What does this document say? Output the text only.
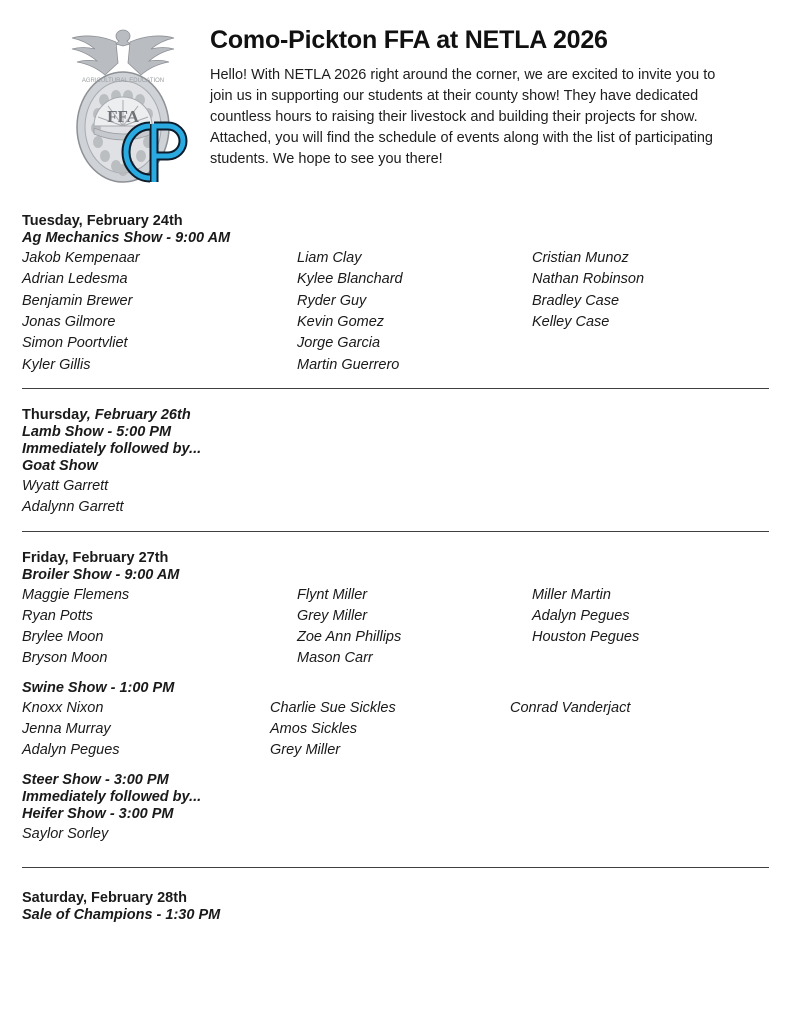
FFA
AGRICULTURAL EDUCATION
Como-Pickton FFA at NETLA 2026

Hello! With NETLA 2026 right around the corner, we are excited to invite you to join us in supporting our students at their county show! They have dedicated countless hours to raising their livestock and building their projects for show. Attached, you will find the schedule of events along with the list of participating students. We hope to see you there!

Tuesday, February 24th
Ag Mechanics Show - 9:00 AM
Jakob Kempenaar
Adrian Ledesma
Benjamin Brewer
Jonas Gilmore
Simon Poortvliet
Kyler Gillis
Liam Clay
Kylee Blanchard
Ryder Guy
Kevin Gomez
Jorge Garcia
Martin Guerrero
Cristian Munoz
Nathan Robinson
Bradley Case
Kelley Case
Thursday, February 26th
Lamb Show - 5:00 PM
Immediately followed by...
Goat Show
Wyatt Garrett
Adalynn Garrett
Friday, February 27th
Broiler Show - 9:00 AM
Maggie Flemens
Ryan Potts
Brylee Moon
Bryson Moon
Flynt Miller
Grey Miller
Zoe Ann Phillips
Mason Carr
Miller Martin
Adalyn Pegues
Houston Pegues
Swine Show - 1:00 PM
Knoxx Nixon
Jenna Murray
Adalyn Pegues
Charlie Sue Sickles
Amos Sickles
Grey Miller
Conrad Vanderjact
Steer Show - 3:00 PM
Immediately followed by...
Heifer Show - 3:00 PM
Saylor Sorley
Saturday, February 28th
Sale of Champions - 1:30 PM
